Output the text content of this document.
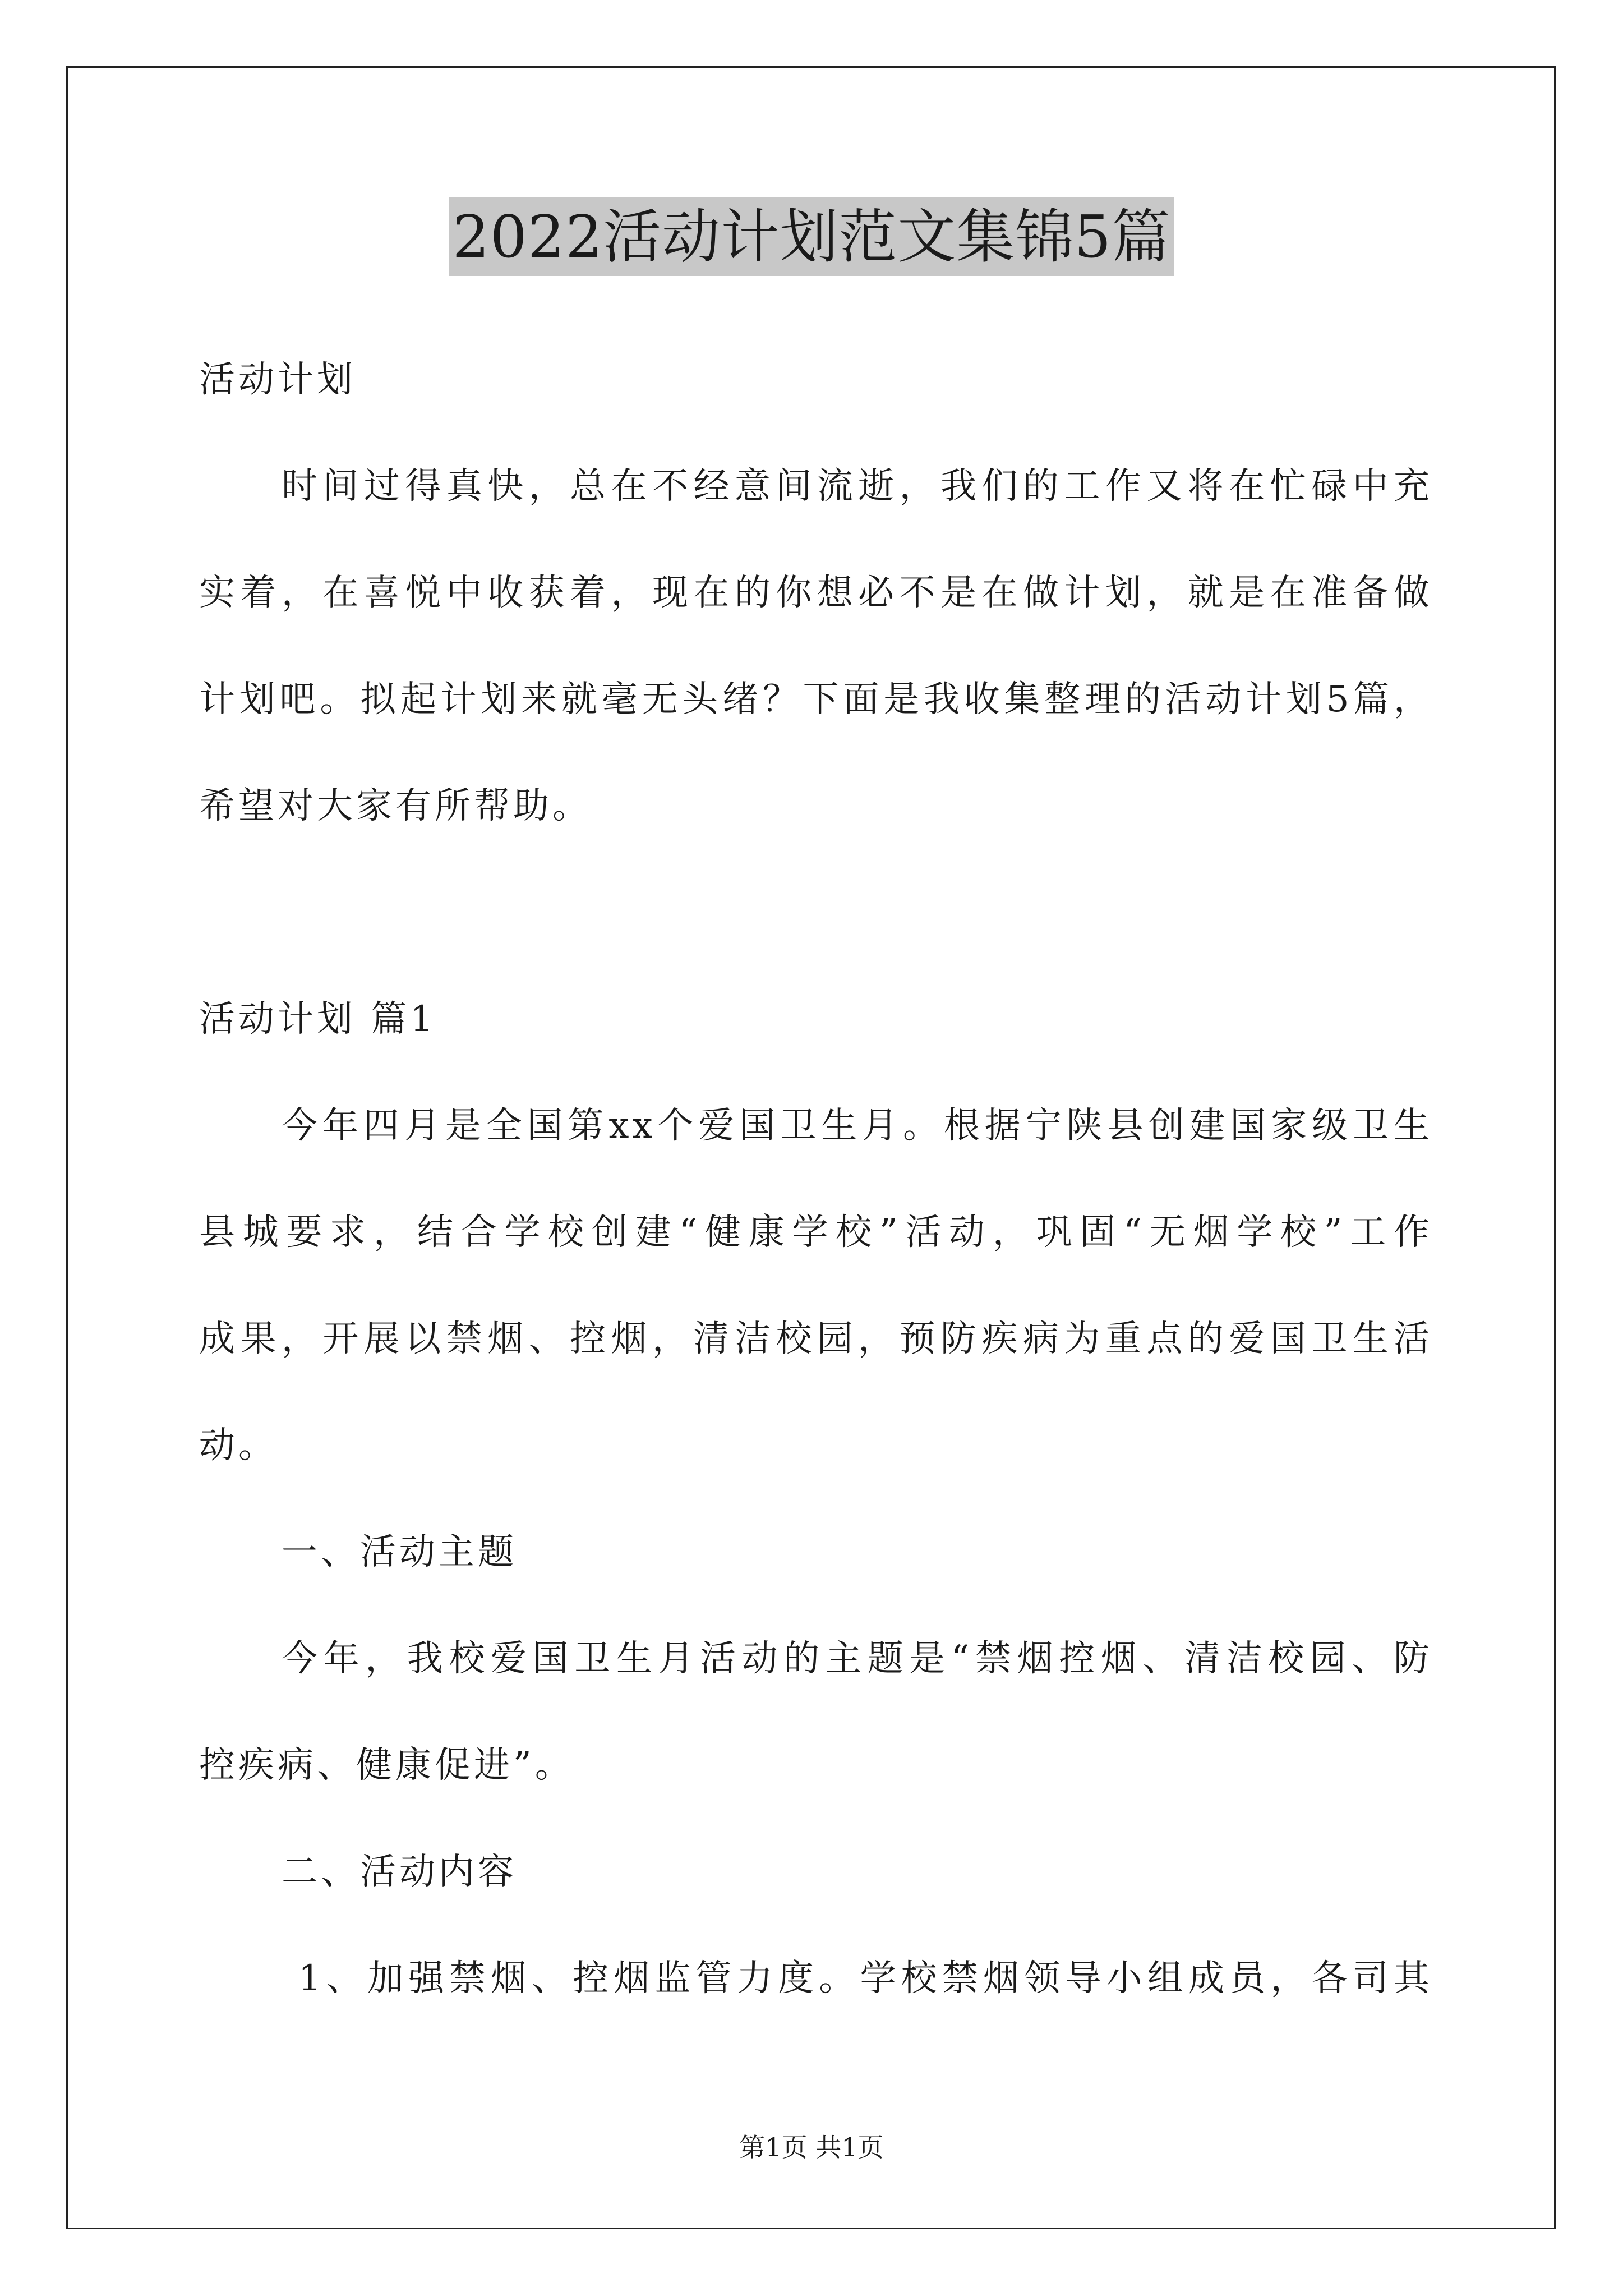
2022活动计划范文集锦5篇
活动计划
时间过得真快，总在不经意间流逝，我们的工作又将在忙碌中充
实着，在喜悦中收获着，现在的你想必不是在做计划，就是在准备做
计划吧。拟起计划来就毫无头绪？下面是我收集整理的活动计划5篇，
希望对大家有所帮助。
活动计划 篇1
今年四月是全国第xx个爱国卫生月。根据宁陕县创建国家级卫生
县城要求，结合学校创建“健康学校”活动，巩固“无烟学校”工作
成果，开展以禁烟、控烟，清洁校园，预防疾病为重点的爱国卫生活
动。
一、活动主题
今年，我校爱国卫生月活动的主题是“禁烟控烟、清洁校园、防
控疾病、健康促进”。
二、活动内容
1、加强禁烟、控烟监管力度。学校禁烟领导小组成员，各司其
第1页 共1页
